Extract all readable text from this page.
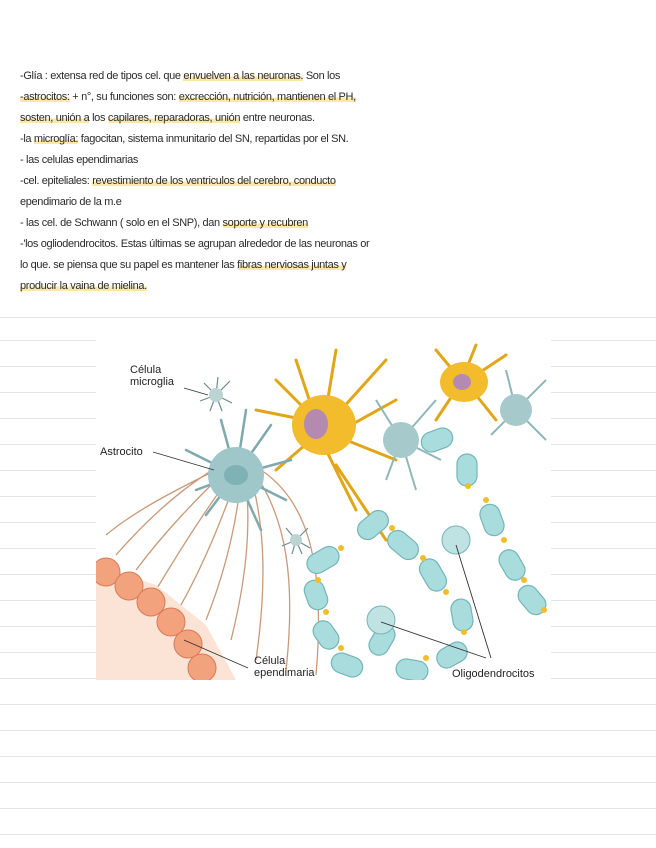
-Glía : extensa red de tipos cel. que envuelven a las neuronas. Son los
-astrocitos: + n°, su funciones son: excrección, nutrición, mantienen el PH,
sosten, unión a los capilares, reparadoras, unión entre neuronas.
-la microglía: fagocitan, sistema inmunitario del SN, repartidas por el SN.
- las celulas ependimarias
-cel. epiteliales: revestimiento de los ventriculos del cerebro, conducto
ependimario de la m.e
- las cel. de Schwann ( solo en el SNP), dan soporte y recubren
-'los ogliodendrocitos. Estas últimas se agrupan alrededor de las neuronas or
lo que. se piensa que su papel es mantener las fibras nerviosas juntas y
producir la vaina de mielina.
Célula
microglia
Astrocito
Célula
ependimaria	Oligodendrocitos
